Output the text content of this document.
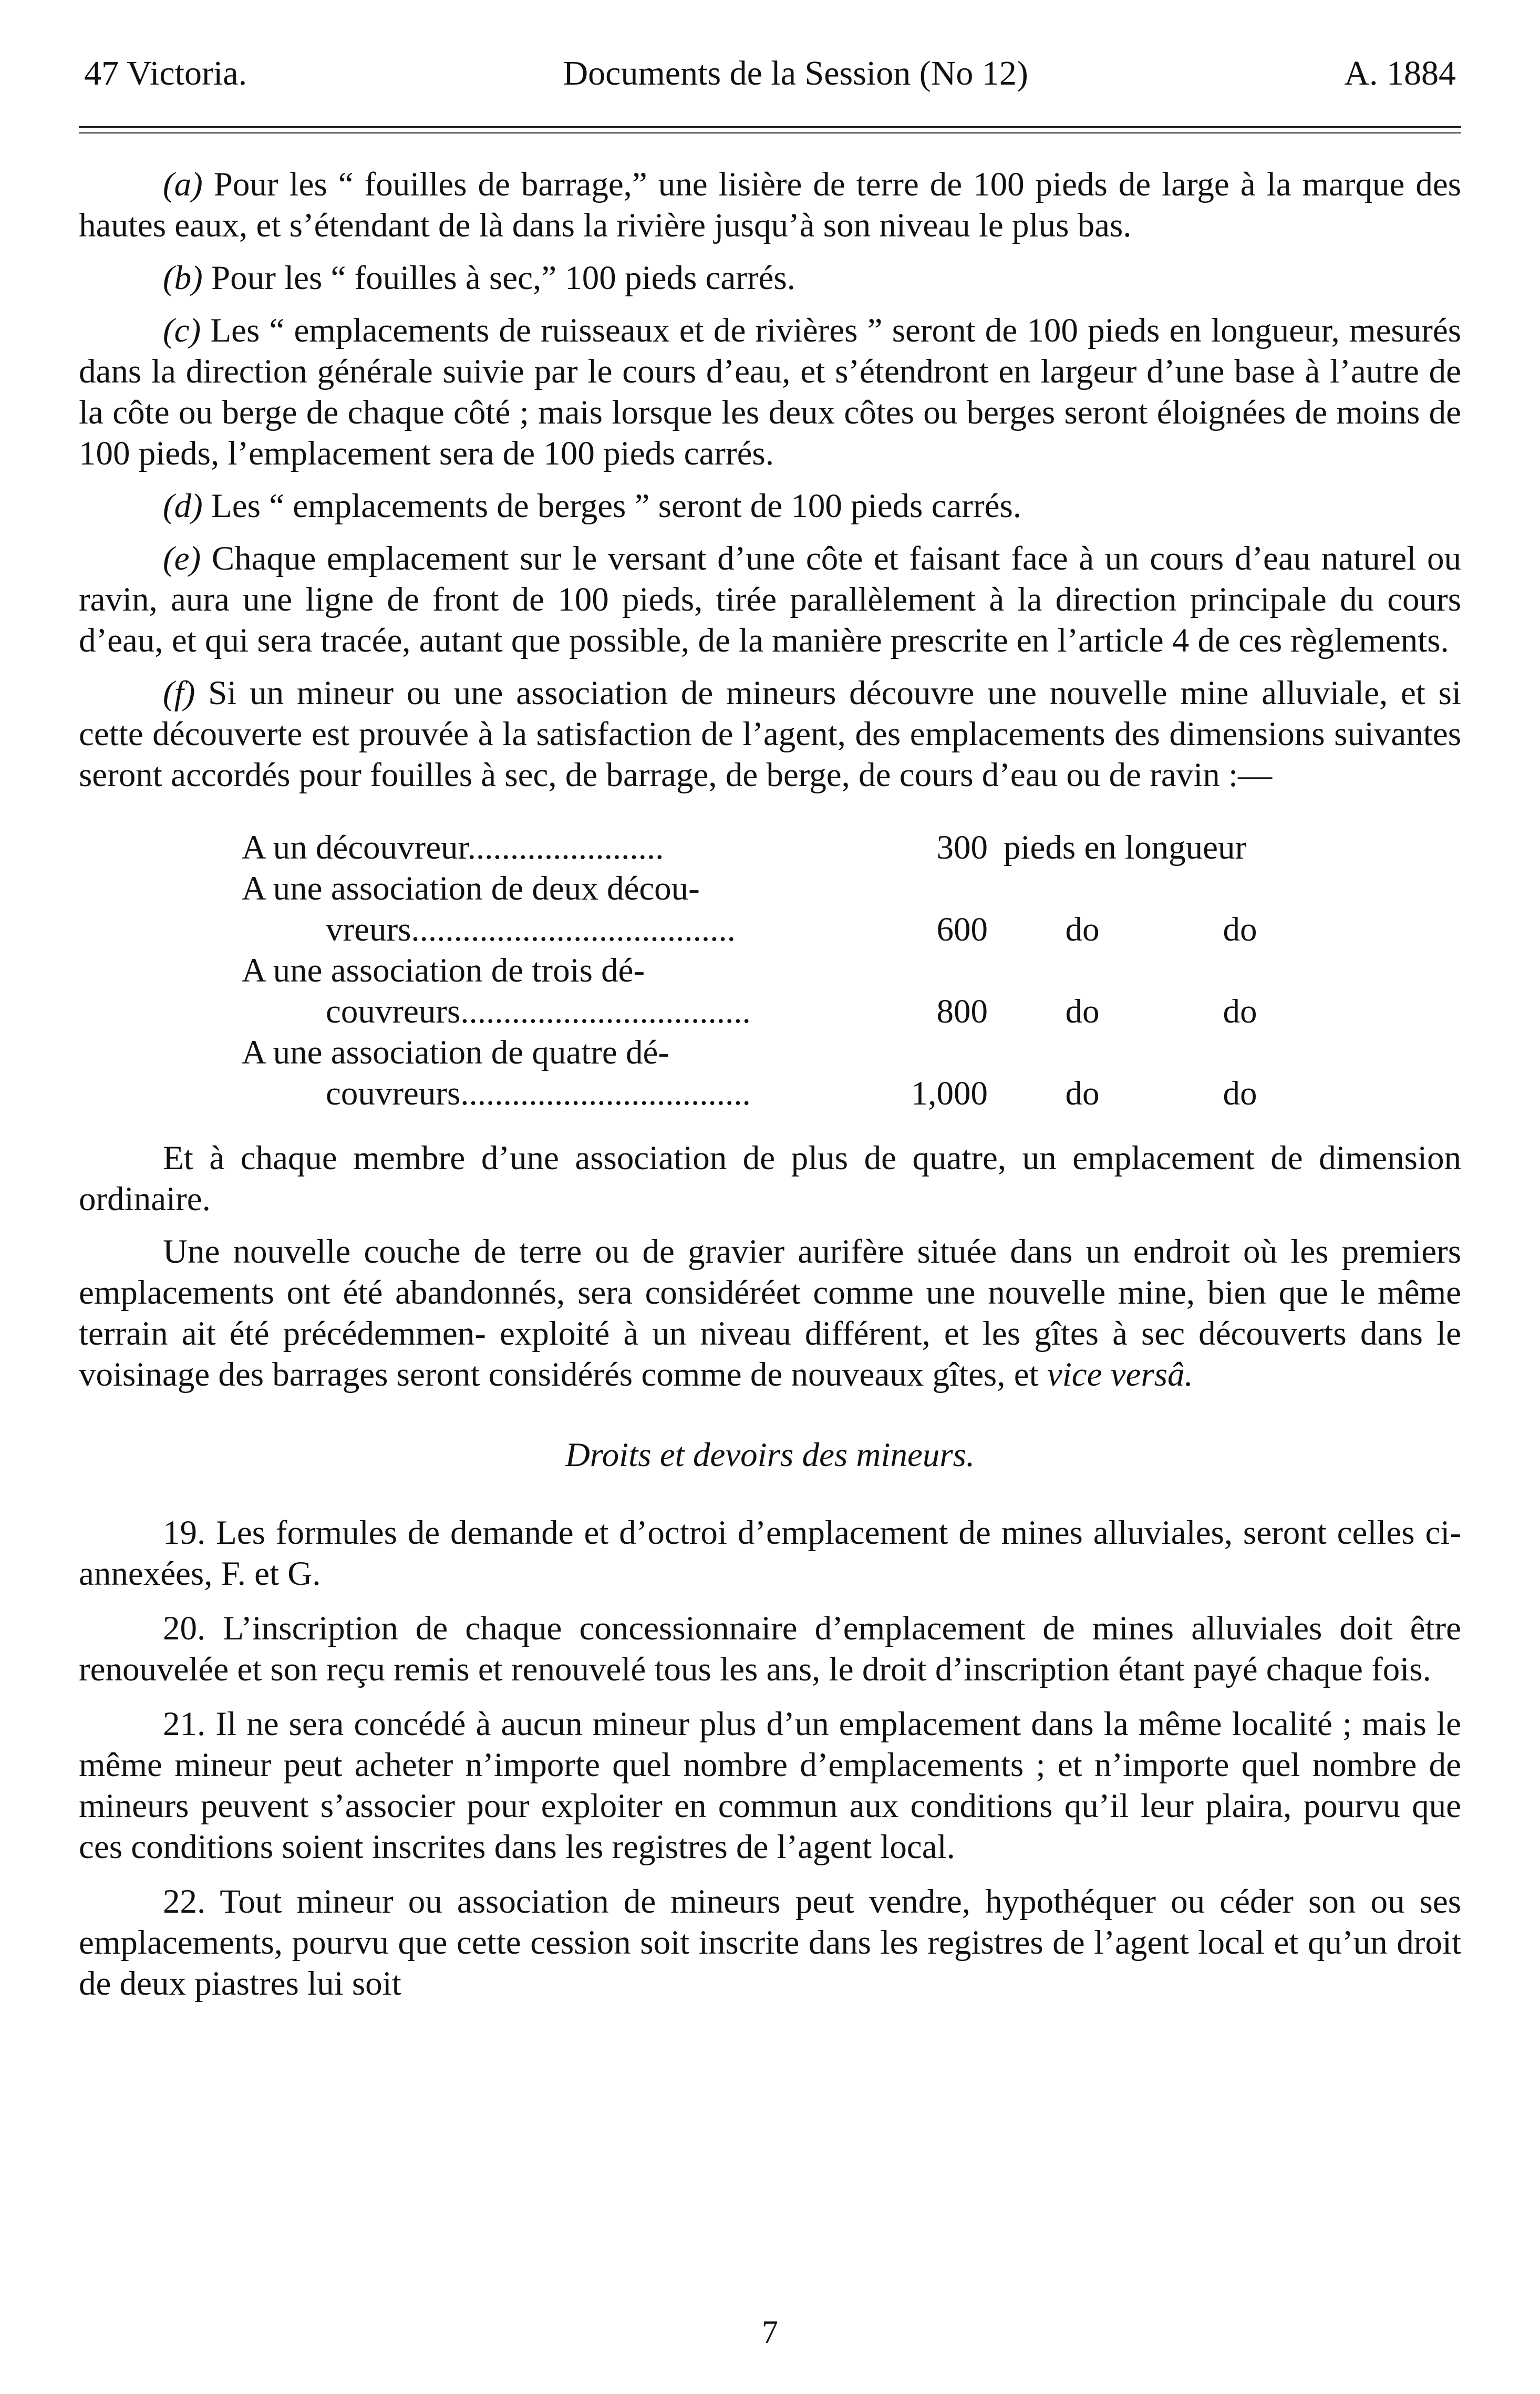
47 Victoria.	Documents de la Session (No 12)	A. 1884

(a) Pour les “ fouilles de barrage,” une lisière de terre de 100 pieds de large à la marque des hautes eaux, et s’étendant de là dans la rivière jusqu’à son niveau le plus bas.

(b) Pour les “ fouilles à sec,” 100 pieds carrés.

(c) Les “ emplacements de ruisseaux et de rivières ” seront de 100 pieds en longueur, mesurés dans la direction générale suivie par le cours d’eau, et s’étendront en largeur d’une base à l’autre de la côte ou berge de chaque côté ; mais lorsque les deux côtes ou berges seront éloignées de moins de 100 pieds, l’emplacement sera de 100 pieds carrés.

(d) Les “ emplacements de berges ” seront de 100 pieds carrés.

(e) Chaque emplacement sur le versant d’une côte et faisant face à un cours d’eau naturel ou ravin, aura une ligne de front de 100 pieds, tirée parallèlement à la direction principale du cours d’eau, et qui sera tracée, autant que possible, de la manière prescrite en l’article 4 de ces règlements.

(f) Si un mineur ou une association de mineurs découvre une nouvelle mine alluviale, et si cette découverte est prouvée à la satisfaction de l’agent, des emplacements des dimensions suivantes seront accordés pour fouilles à sec, de barrage, de berge, de cours d’eau ou de ravin :—

A un découvreur.......................	300	pieds en longueur	

A une association de deux décou-
vreurs......................................	600	do	do

A une association de trois dé-
couvreurs..................................	800	do	do

A une association de quatre dé-
couvreurs..................................	1,000	do	do

Et à chaque membre d’une association de plus de quatre, un emplacement de dimension ordinaire.

Une nouvelle couche de terre ou de gravier aurifère située dans un endroit où les premiers emplacements ont été abandonnés, sera considéréet comme une nouvelle mine, bien que le même terrain ait été précédemmen- exploité à un niveau différent, et les gîtes à sec découverts dans le voisinage des barrages seront considérés comme de nouveaux gîtes, et vice versâ.

Droits et devoirs des mineurs.

19. Les formules de demande et d’octroi d’emplacement de mines alluviales, seront celles ci-annexées, F. et G.

20. L’inscription de chaque concessionnaire d’emplacement de mines alluviales doit être renouvelée et son reçu remis et renouvelé tous les ans, le droit d’inscription étant payé chaque fois.

21. Il ne sera concédé à aucun mineur plus d’un emplacement dans la même localité ; mais le même mineur peut acheter n’importe quel nombre d’emplacements ; et n’importe quel nombre de mineurs peuvent s’associer pour exploiter en commun aux conditions qu’il leur plaira, pourvu que ces conditions soient inscrites dans les registres de l’agent local.

22. Tout mineur ou association de mineurs peut vendre, hypothéquer ou céder son ou ses emplacements, pourvu que cette cession soit inscrite dans les registres de l’agent local et qu’un droit de deux piastres lui soit

7
